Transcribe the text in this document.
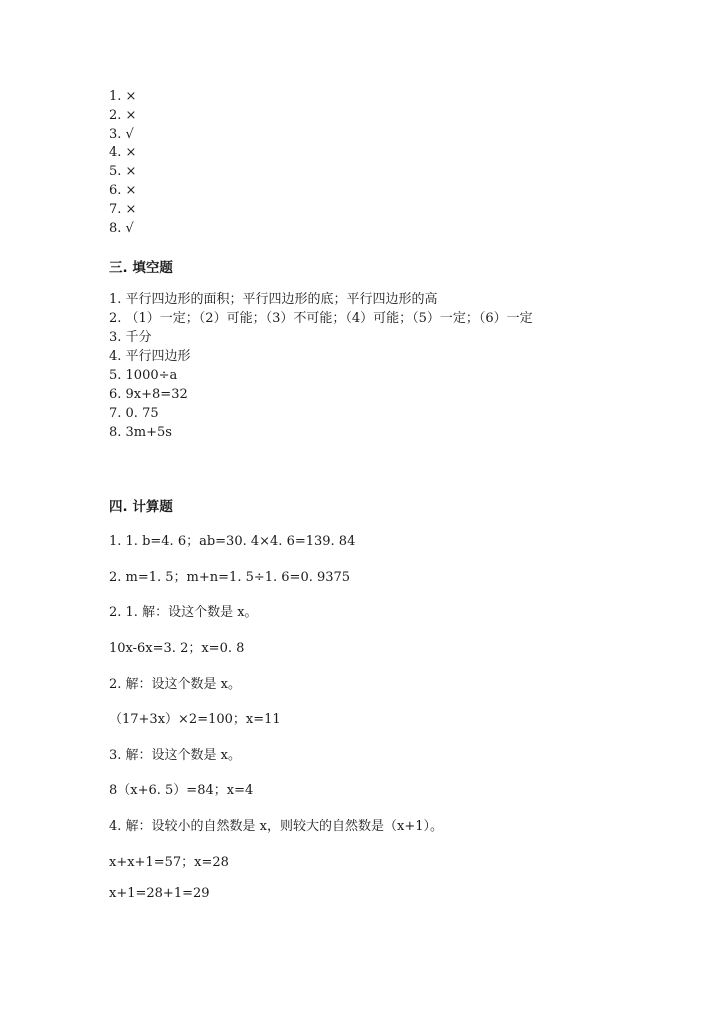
1. ×
2. ×
3. √
4. ×
5. ×
6. ×
7. ×
8. √
三. 填空题
1. 平行四边形的面积；平行四边形的底；平行四边形的高
2. （1）一定；（2）可能；（3）不可能；（4）可能；（5）一定；（6）一定
3. 千分
4. 平行四边形
5. 1000÷a
6. 9x+8=32
7. 0. 75
8. 3m+5s
四. 计算题
1. 1. b=4. 6；ab=30. 4×4. 6=139. 84
2. m=1. 5；m+n=1. 5÷1. 6=0. 9375
2. 1. 解：设这个数是 x。
10x-6x=3. 2；x=0. 8
2. 解：设这个数是 x。
（17+3x）×2=100；x=11
3. 解：设这个数是 x。
8（x+6. 5）=84；x=4
4. 解：设较小的自然数是 x，则较大的自然数是（x+1）。
x+x+1=57；x=28
x+1=28+1=29
